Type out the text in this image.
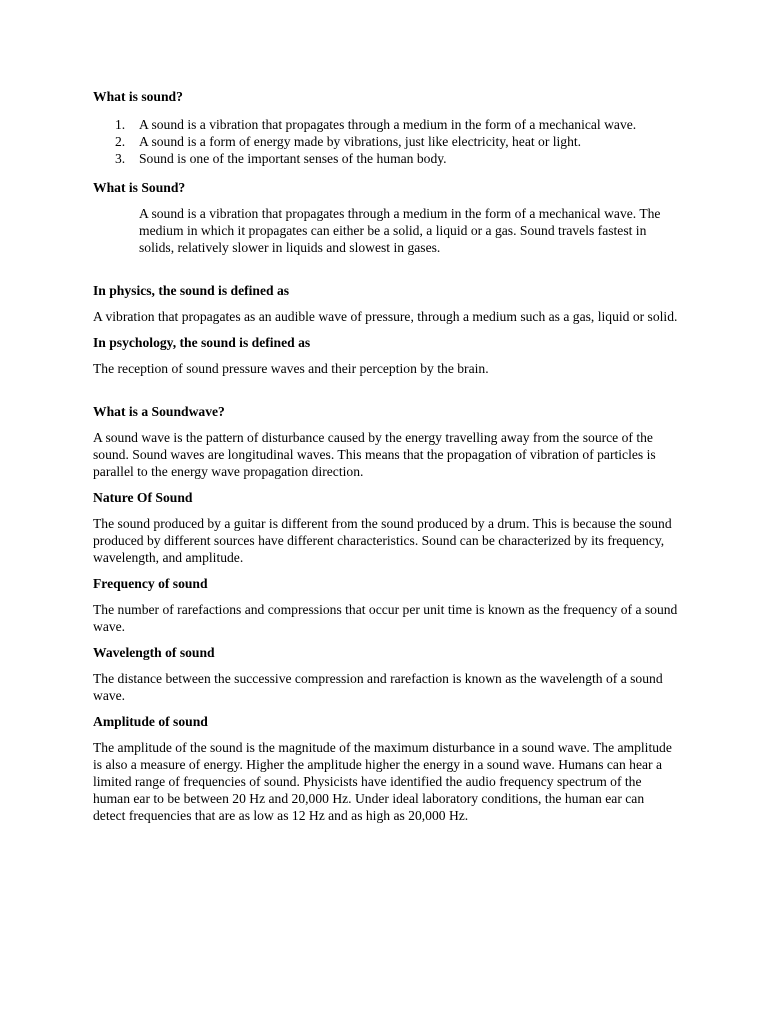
What is sound?
1. A sound is a vibration that propagates through a medium in the form of a mechanical wave.
2. A sound is a form of energy made by vibrations, just like electricity, heat or light.
3. Sound is one of the important senses of the human body.
What is Sound?

A sound is a vibration that propagates through a medium in the form of a mechanical wave. The medium in which it propagates can either be a solid, a liquid or a gas. Sound travels fastest in solids, relatively slower in liquids and slowest in gases.

In physics, the sound is defined as

A vibration that propagates as an audible wave of pressure, through a medium such as a gas, liquid or solid.

In psychology, the sound is defined as

The reception of sound pressure waves and their perception by the brain.

What is a Soundwave?

A sound wave is the pattern of disturbance caused by the energy travelling away from the source of the sound. Sound waves are longitudinal waves. This means that the propagation of vibration of particles is parallel to the energy wave propagation direction.

Nature Of Sound

The sound produced by a guitar is different from the sound produced by a drum. This is because the sound produced by different sources have different characteristics. Sound can be characterized by its frequency, wavelength, and amplitude.

Frequency of sound

The number of rarefactions and compressions that occur per unit time is known as the frequency of a sound wave.

Wavelength of sound

The distance between the successive compression and rarefaction is known as the wavelength of a sound wave.

Amplitude of sound

The amplitude of the sound is the magnitude of the maximum disturbance in a sound wave. The amplitude is also a measure of energy. Higher the amplitude higher the energy in a sound wave. Humans can hear a limited range of frequencies of sound. Physicists have identified the audio frequency spectrum of the human ear to be between 20 Hz and 20,000 Hz. Under ideal laboratory conditions, the human ear can detect frequencies that are as low as 12 Hz and as high as 20,000 Hz.
